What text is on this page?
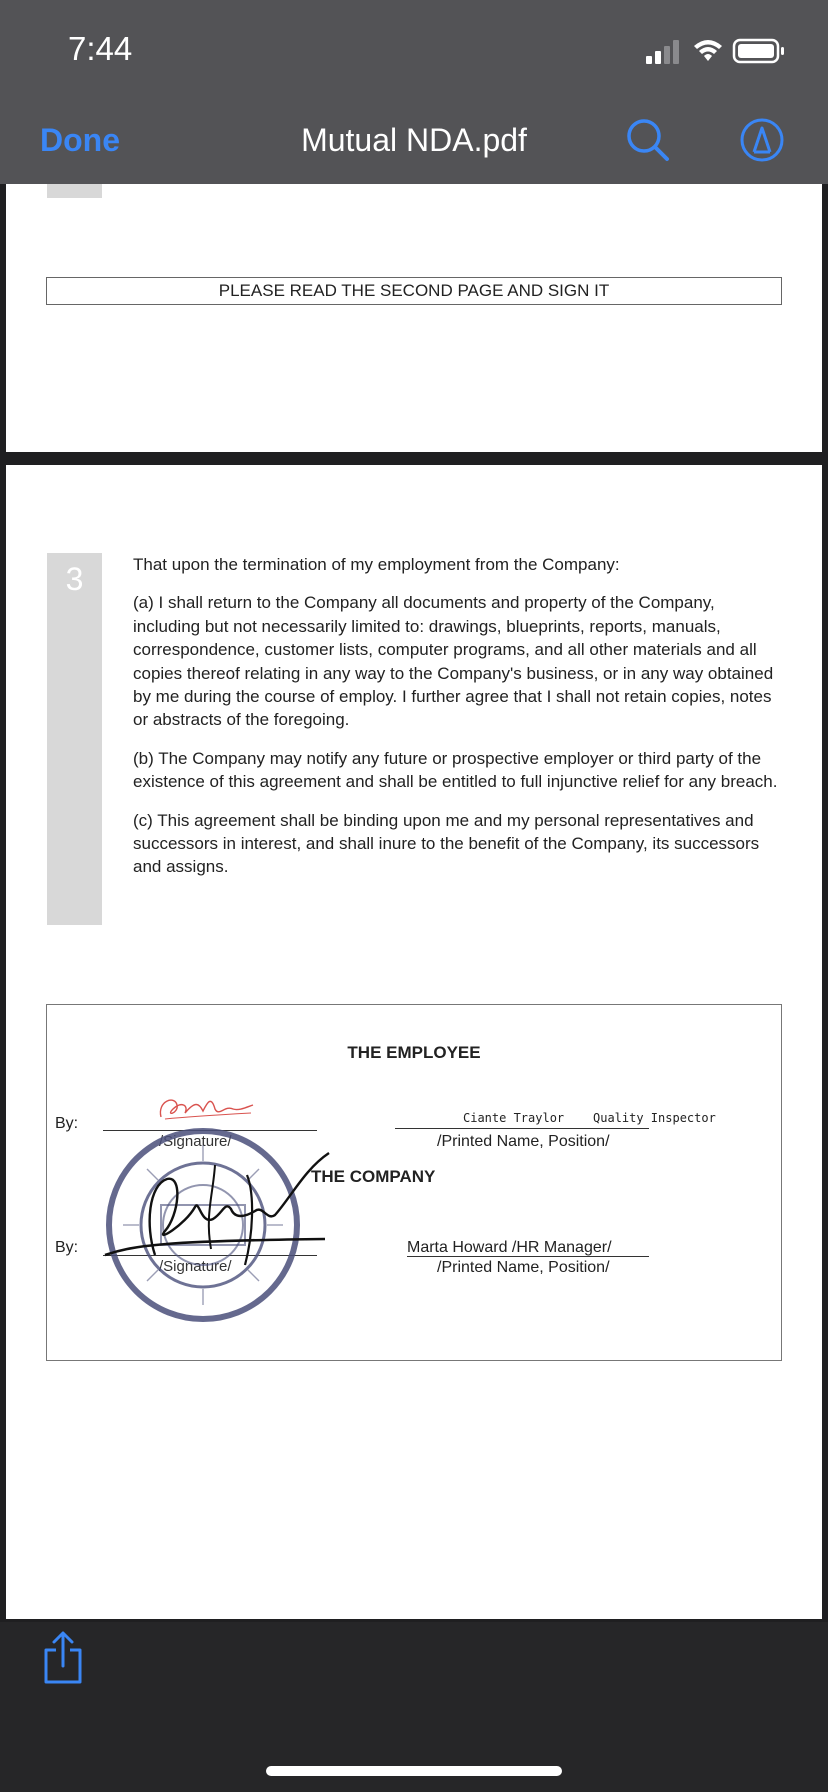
7:44
Done	Mutual NDA.pdf
PLEASE READ THE SECOND PAGE AND SIGN IT
3	That upon the termination of my employment from the Company:

(a) I shall return to the Company all documents and property of the Company, including but not necessarily limited to: drawings, blueprints, reports, manuals, correspondence, customer lists, computer programs, and all other materials and all copies thereof relating in any way to the Company's business, or in any way obtained by me during the course of employ. I further agree that I shall not retain copies, notes or abstracts of the foregoing.

(b) The Company may notify any future or prospective employer or third party of the existence of this agreement and shall be entitled to full injunctive relief for any breach.

(c) This agreement shall be binding upon me and my personal representatives and successors in interest, and shall inure to the benefit of the Company, its successors and assigns.

THE EMPLOYEE
By:
/Signature/
Ciante Traylor Quality Inspector
/Printed Name, Position/
THE COMPANY
By:
/Signature/
Marta Howard /HR Manager/
/Printed Name, Position/
